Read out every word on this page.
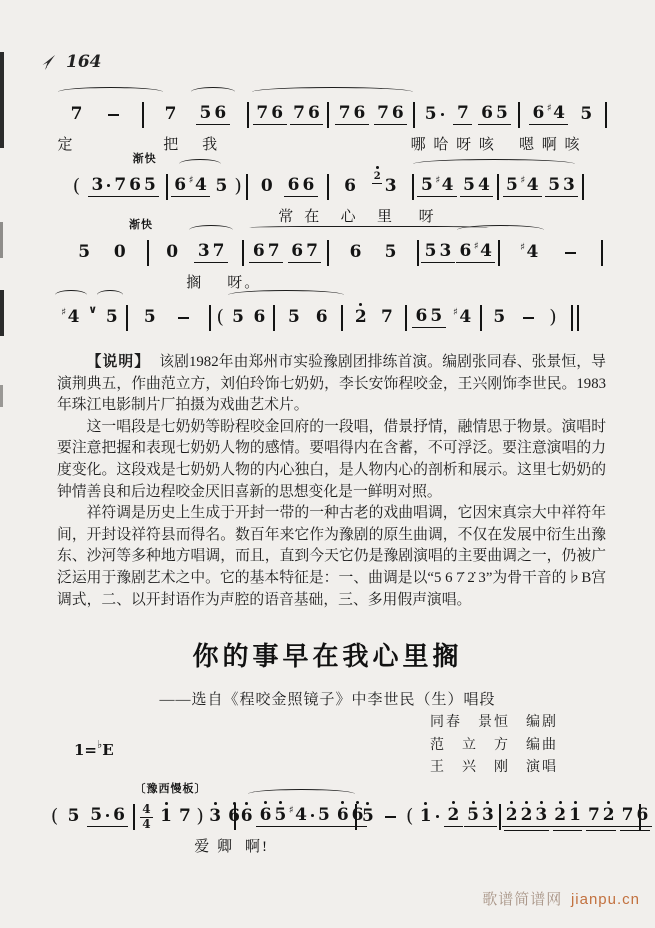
164
7	7 5 6 7 6 7 6 7 6 7 6 5 7 6 5 6 ♯ 4 5
定	把 我	哪 哈 呀 咳 嗯 啊 咳
渐快
( 3 7 6 5 6 ♯ 4 5 ) 0 6 6 6 2 3 5 ♯ 4 5 4 5 ♯ 4 5 3
常 在 心 里 呀
渐快
5 0 0 3 7 6 7 6 7 6 5 5 3 6 ♯ 4	♯ 4
搁 呀。
♯ 4 ∨ 5 5	( 5 6 5 6 2 7 6 5 ♯ 4 5 )
〔豫西慢板〕
( 5 5 6 4
4 1 7 ) 3 6 6 6 5 ♯ 4 5 6 6
5 ( 1 2 5 3 2 2 3 2 1 7 2 7 6
爱 卿 啊!

【说明】 该剧1982年由郑州市实验豫剧团排练首演。编剧张同春、张景恒，导演荆典五，作曲范立方，刘伯玲饰七奶奶，李长安饰程咬金，王兴刚饰李世民。1983年珠江电影制片厂拍摄为戏曲艺术片。

这一唱段是七奶奶等盼程咬金回府的一段唱，借景抒情，融情思于物景。演唱时要注意把握和表现七奶奶人物的感情。要唱得内在含蓄，不可浮泛。要注意演唱的力度变化。这段戏是七奶奶人物的内心独白，是人物内心的剖析和展示。这里七奶奶的钟情善良和后边程咬金厌旧喜新的思想变化是一鲜明对照。

祥符调是历史上生成于开封一带的一种古老的戏曲唱调，它因宋真宗大中祥符年间，开封设祥符县而得名。数百年来它作为豫剧的原生曲调，不仅在发展中衍生出豫东、沙河等多种地方唱调，而且，直到今天它仍是豫剧演唱的主要曲调之一，仍被广泛运用于豫剧艺术之中。它的基本特征是：一、曲调是以“5 6 7̇ 2̇ 3”为骨干音的♭B宫调式，二、以开封语作为声腔的语音基础，三、多用假声演唱。

你的事早在我心里搁
——选自《程咬金照镜子》中李世民（生）唱段
同春　景恒　编剧
范　立　方　编曲
王　兴　刚　演唱
1=♭E
歌谱简谱网 jianpu.cn
